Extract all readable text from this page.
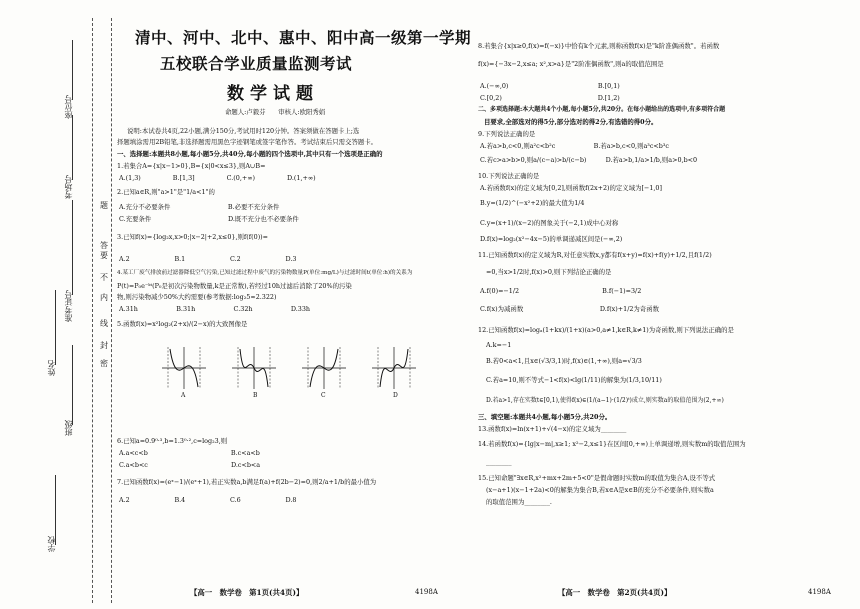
学校
班级
姓名
准考证号
考场号
座位号
题
答
要
不
内
线
封
密
清中、河中、北中、惠中、阳中高一级第一学期
五校联合学业质量监测考试
数学试题
命题人:卢毅芬　　审核人:欧阳秀娟
说明:本试卷共4页,22小题,满分150分,考试用时120分钟。答案须做在答题卡上;选
择题填涂需用2B铅笔,非选择题需用黑色字迹钢笔或签字笔作答。考试结束后只需交答题卡。
一、选择题:本题共8小题,每小题5分,共40分,每小题的四个选项中,其中只有一个选项是正确的
1.若集合A={x|x−1>0},B={x|0<x≤3},则A∪B=
A.(1,3)　　　　　B.[1,3]　　　　　C.(0,+∞)　　　　　D.(1,+∞)
2.已知a∈R,则"a>1"是"1/a<1"的
A.充分不必要条件　　　　　　　　　B.必要不充分条件
C.充要条件　　　　　　　　　　　　D.既不充分也不必要条件
3.已知f(x)={log₂x,x>0;|x−2|+2,x≤0},则f(f(0))=
A.2　　　　　　　B.1　　　　　　　C.2　　　　　　　D.3
4.某工厂废气排放前过滤器降低空气污染,已知过滤过程中废气的污染物数量P(单位:mg/L)与过滤时间t(单位:h)的关系为
P(t)=P₀e⁻ᵏᵗ(P₀是初次污染物数量,k是正常数),若经过10h过滤后消除了20%的污染
物,则污染物减少50%大约需要(参考数据:log₂5≈2.322)
A.31h　　　　　　B.31h　　　　　　C.32h　　　　　　D.33h
5.函数f(x)=x²log₂(2+x)/(2−x)的大致图像是
A	B	C	D
6.已知a=0.9⁰·³,b=1.3⁰·²,c=log₂3,则
A.a<c<b　　　　　　　　　　　　　B.c<a<b
C.a<b<c　　　　　　　　　　　　　D.c<b<a
7.已知函数f(x)=(eˣ−1)/(eˣ+1),若正实数a,b满足f(a)+f(2b−2)=0,则2/a+1/b的最小值为
A.2　　　　　　　B.4　　　　　　　C.6　　　　　　　D.8
【高一　数学卷　第1页(共4页)】	4198A
8.若集合{x|x≥0,f(x)=f(−x)}中恰有k个元素,则称函数f(x)是"k阶准偶函数"。若函数
f(x)={−3x−2,x≤a; x²,x>a}是"2阶准偶函数",则a的取值范围是
A.(−∞,0)　　　　　　　　　　　　　　B.[0,1)
C.[0,2)　　　　　　　　　　　　　　　D.[1,2)
二、多项选择题:本大题共4个小题,每小题5分,共20分。在每小题给出的选项中,有多项符合题
目要求,全部选对的得5分,部分选对的得2分,有选错的得0分。
9.下列说法正确的是
A.若a>b,c<0,则a²c<b²c　　　　　　B.若a>b,c<0,则a³c<b³c
C.若c>a>b>0,则a/(c−a)>b/(c−b)　　　D.若a>b,1/a>1/b,则a>0,b<0
10.下列说法正确的是
A.若函数f(x)的定义域为[0,2],则函数f(2x+2)的定义域为[−1,0]
B.y=(1/2)^(−x²+2)的最大值为1/4
C.y=(x+1)/(x−2)的图象关于(−2,1)成中心对称
D.f(x)=log₂(x²−4x−5)的单调递减区间是(−∞,2)
11.已知函数f(x)的定义域为R,对任意实数x,y都有f(x+y)=f(x)+f(y)+1/2,且f(1/2)
=0,当x>1/2时,f(x)>0,则下列结论正确的是
A.f(0)=−1/2　　　　　　　　　　　　　B.f(−1)=3/2
C.f(x)为减函数　　　　　　　　　　　　D.f(x)+1/2为奇函数
12.已知函数f(x)=logₐ(1+kx)/(1+x)(a>0,a≠1,k∈R,k≠1)为奇函数,则下列说法正确的是
A.k=−1
B.若0<a<1,且x∈(√3/3,1)时,f(x)∈(1,+∞),则a=√3/3
C.若a=10,则不等式−1<f(x)<lg(1/11)的解集为(1/3,10/11)
D.若a>1,存在实数t∈[0,1),使得f(x)∈(1/(a−1)·(1/2)ᵗ)成立,则实数a的取值范围为(2,+∞)
三、填空题:本题共4小题,每小题5分,共20分。
13.函数f(x)=ln(x+1)+√(4−x)的定义域为________
14.若函数f(x)={lg|x−m|,x≥1; x²−2,x≤1}在区间[0,+∞)上单调递增,则实数m的取值范围为
________
15.已知命题"∃x∈R,x²+mx+2m+5<0"是假命题时实数m的取值为集合A,设不等式
(x−a+1)(x−1+2a)<0的解集为集合B,若x∈A是x∈B的充分不必要条件,则实数a
的取值范围为________.
【高一　数学卷　第2页(共4页)】	4198A
